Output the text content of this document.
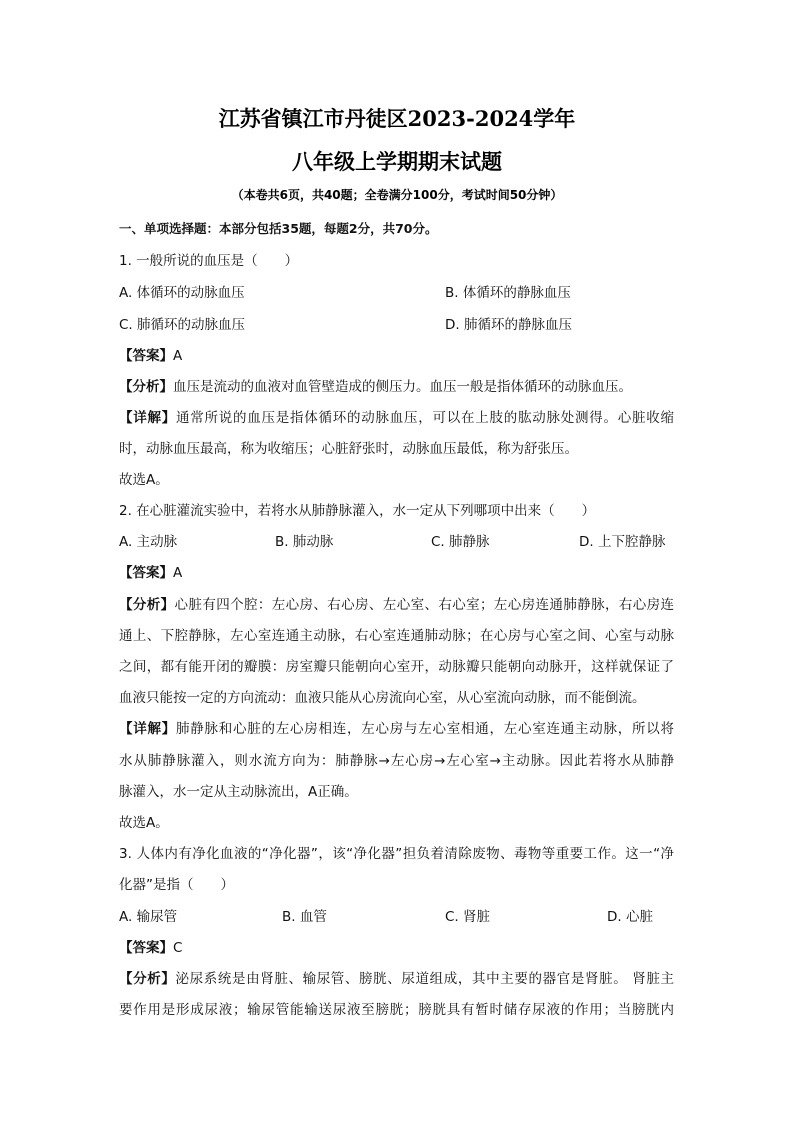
江苏省镇江市丹徒区2023-2024学年
八年级上学期期末试题
（本卷共6页，共40题；全卷满分100分，考试时间50分钟）
一、单项选择题：本部分包括35题，每题2分，共70分。
1. 一般所说的血压是（　　）
A. 体循环的动脉血压	B. 体循环的静脉血压
C. 肺循环的动脉血压	D. 肺循环的静脉血压
【答案】A
【分析】血压是流动的血液对血管壁造成的侧压力。血压一般是指体循环的动脉血压。
【详解】通常所说的血压是指体循环的动脉血压，可以在上肢的肱动脉处测得。心脏收缩
时，动脉血压最高，称为收缩压；心脏舒张时，动脉血压最低，称为舒张压。
故选A。
2. 在心脏灌流实验中，若将水从肺静脉灌入，水一定从下列哪项中出来（　　）
A. 主动脉	B. 肺动脉	C. 肺静脉	D. 上下腔静脉
【答案】A
【分析】心脏有四个腔：左心房、右心房、左心室、右心室；左心房连通肺静脉，右心房连
通上、下腔静脉，左心室连通主动脉，右心室连通肺动脉；在心房与心室之间、心室与动脉
之间，都有能开闭的瓣膜：房室瓣只能朝向心室开，动脉瓣只能朝向动脉开，这样就保证了
血液只能按一定的方向流动：血液只能从心房流向心室，从心室流向动脉，而不能倒流。
【详解】肺静脉和心脏的左心房相连，左心房与左心室相通，左心室连通主动脉，所以将
水从肺静脉灌入，则水流方向为：肺静脉→左心房→左心室→主动脉。因此若将水从肺静
脉灌入，水一定从主动脉流出，A正确。
故选A。
3. 人体内有净化血液的“净化器”，该“净化器”担负着清除废物、毒物等重要工作。这一“净
化器”是指（　　）
A. 输尿管	B. 血管	C. 肾脏	D. 心脏
【答案】C
【分析】泌尿系统是由肾脏、输尿管、膀胱、尿道组成，其中主要的器官是肾脏。 肾脏主
要作用是形成尿液；输尿管能输送尿液至膀胱；膀胱具有暂时储存尿液的作用；当膀胱内
